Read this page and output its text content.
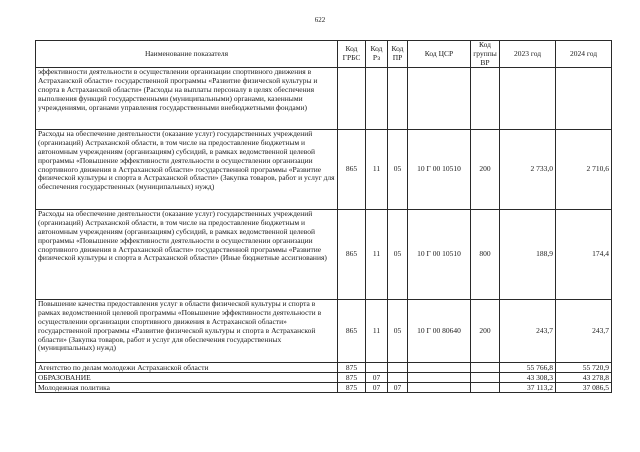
622
Наименование показателя	Код ГРБС	Код Рз	Код ПР	Код ЦСР	Код группы ВР	2023 год	2024 год
эффективности деятельности в осуществлении организации спортивного движения в Астраханской области» государственной программы «Развитие физической культуры и спорта в Астраханской области» (Расходы на выплаты персоналу в целях обеспечения выполнения функций государственными (муниципальными) органами, казенными учреждениями, органами управления государственными внебюджетными фондами)							
Расходы на обеспечение деятельности (оказание услуг) государственных учреждений (организаций) Астраханской области, в том числе на предоставление бюджетным и автономным учреждениям (организациям) субсидий, в рамках ведомственной целевой программы «Повышение эффективности деятельности в осуществлении организации спортивного движения в Астраханской области» государственной программы «Развитие физической культуры и спорта в Астраханской области» (Закупка товаров, работ и услуг для обеспечения государственных (муниципальных) нужд)	865	11	05	10 Г 00 10510	200	2 733,0	2 710,6
Расходы на обеспечение деятельности (оказание услуг) государственных учреждений (организаций) Астраханской области, в том числе на предоставление бюджетным и автономным учреждениям (организациям) субсидий, в рамках ведомственной целевой программы «Повышение эффективности деятельности в осуществлении организации спортивного движения в Астраханской области» государственной программы «Развитие физической культуры и спорта в Астраханской области» (Иные бюджетные ассигнования)	865	11	05	10 Г 00 10510	800	188,9	174,4
Повышение качества предоставления услуг в области физической культуры и спорта в рамках ведомственной целевой программы «Повышение эффективности деятельности в осуществлении организации спортивного движения в Астраханской области» государственной программы «Развитие физической культуры и спорта в Астраханской области» (Закупка товаров, работ и услуг для обеспечения государственных (муниципальных) нужд)	865	11	05	10 Г 00 80640	200	243,7	243,7
Агентство по делам молодежи Астраханской области	875					55 766,8	55 720,9
ОБРАЗОВАНИЕ	875	07				43 308,3	43 278,8
Молодежная политика	875	07	07			37 113,2	37 086,5
